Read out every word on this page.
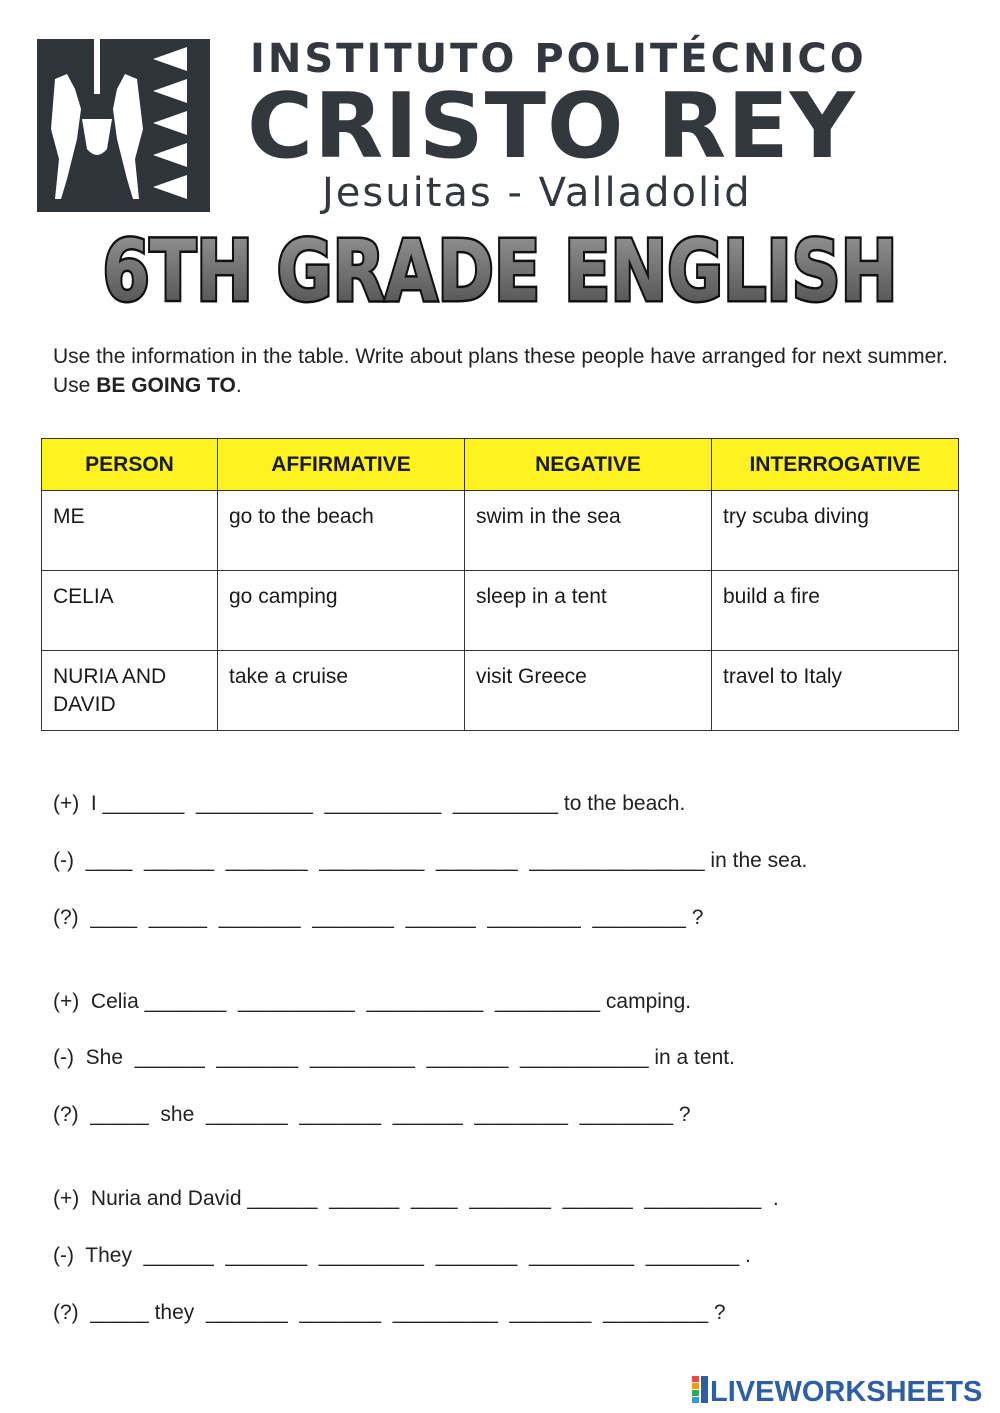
INSTITUTO POLITÉCNICO
CRISTO REY
Jesuitas - Valladolid
6TH GRADE ENGLISH
Use the information in the table. Write about plans these people have arranged for next summer. Use BE GOING TO.
PERSON	AFFIRMATIVE	NEGATIVE	INTERROGATIVE
ME	go to the beach	swim in the sea	try scuba diving
CELIA	go camping	sleep in a tent	build a fire
NURIA AND DAVID	take a cruise	visit Greece	travel to Italy
(+)  I _______  __________  __________  _________ to the beach.
(-)  ____  ______  _______  _________  _______  _______________ in the sea.
(?)  ____  _____  _______  _______  ______  ________  ________ ?
(+)  Celia _______  __________  __________  _________ camping.
(-)  She  ______  _______  _________  _______  ___________ in a tent.
(?)  _____  she  _______  _______  ______  ________  ________ ?
(+)  Nuria and David ______  ______  ____  _______  ______  __________  .
(-)  They  ______  _______  _________  _______  _________  ________ .
(?)  _____ they  _______  _______  _________  _______  _________ ?
LIVEWORKSHEETS
LIVE
